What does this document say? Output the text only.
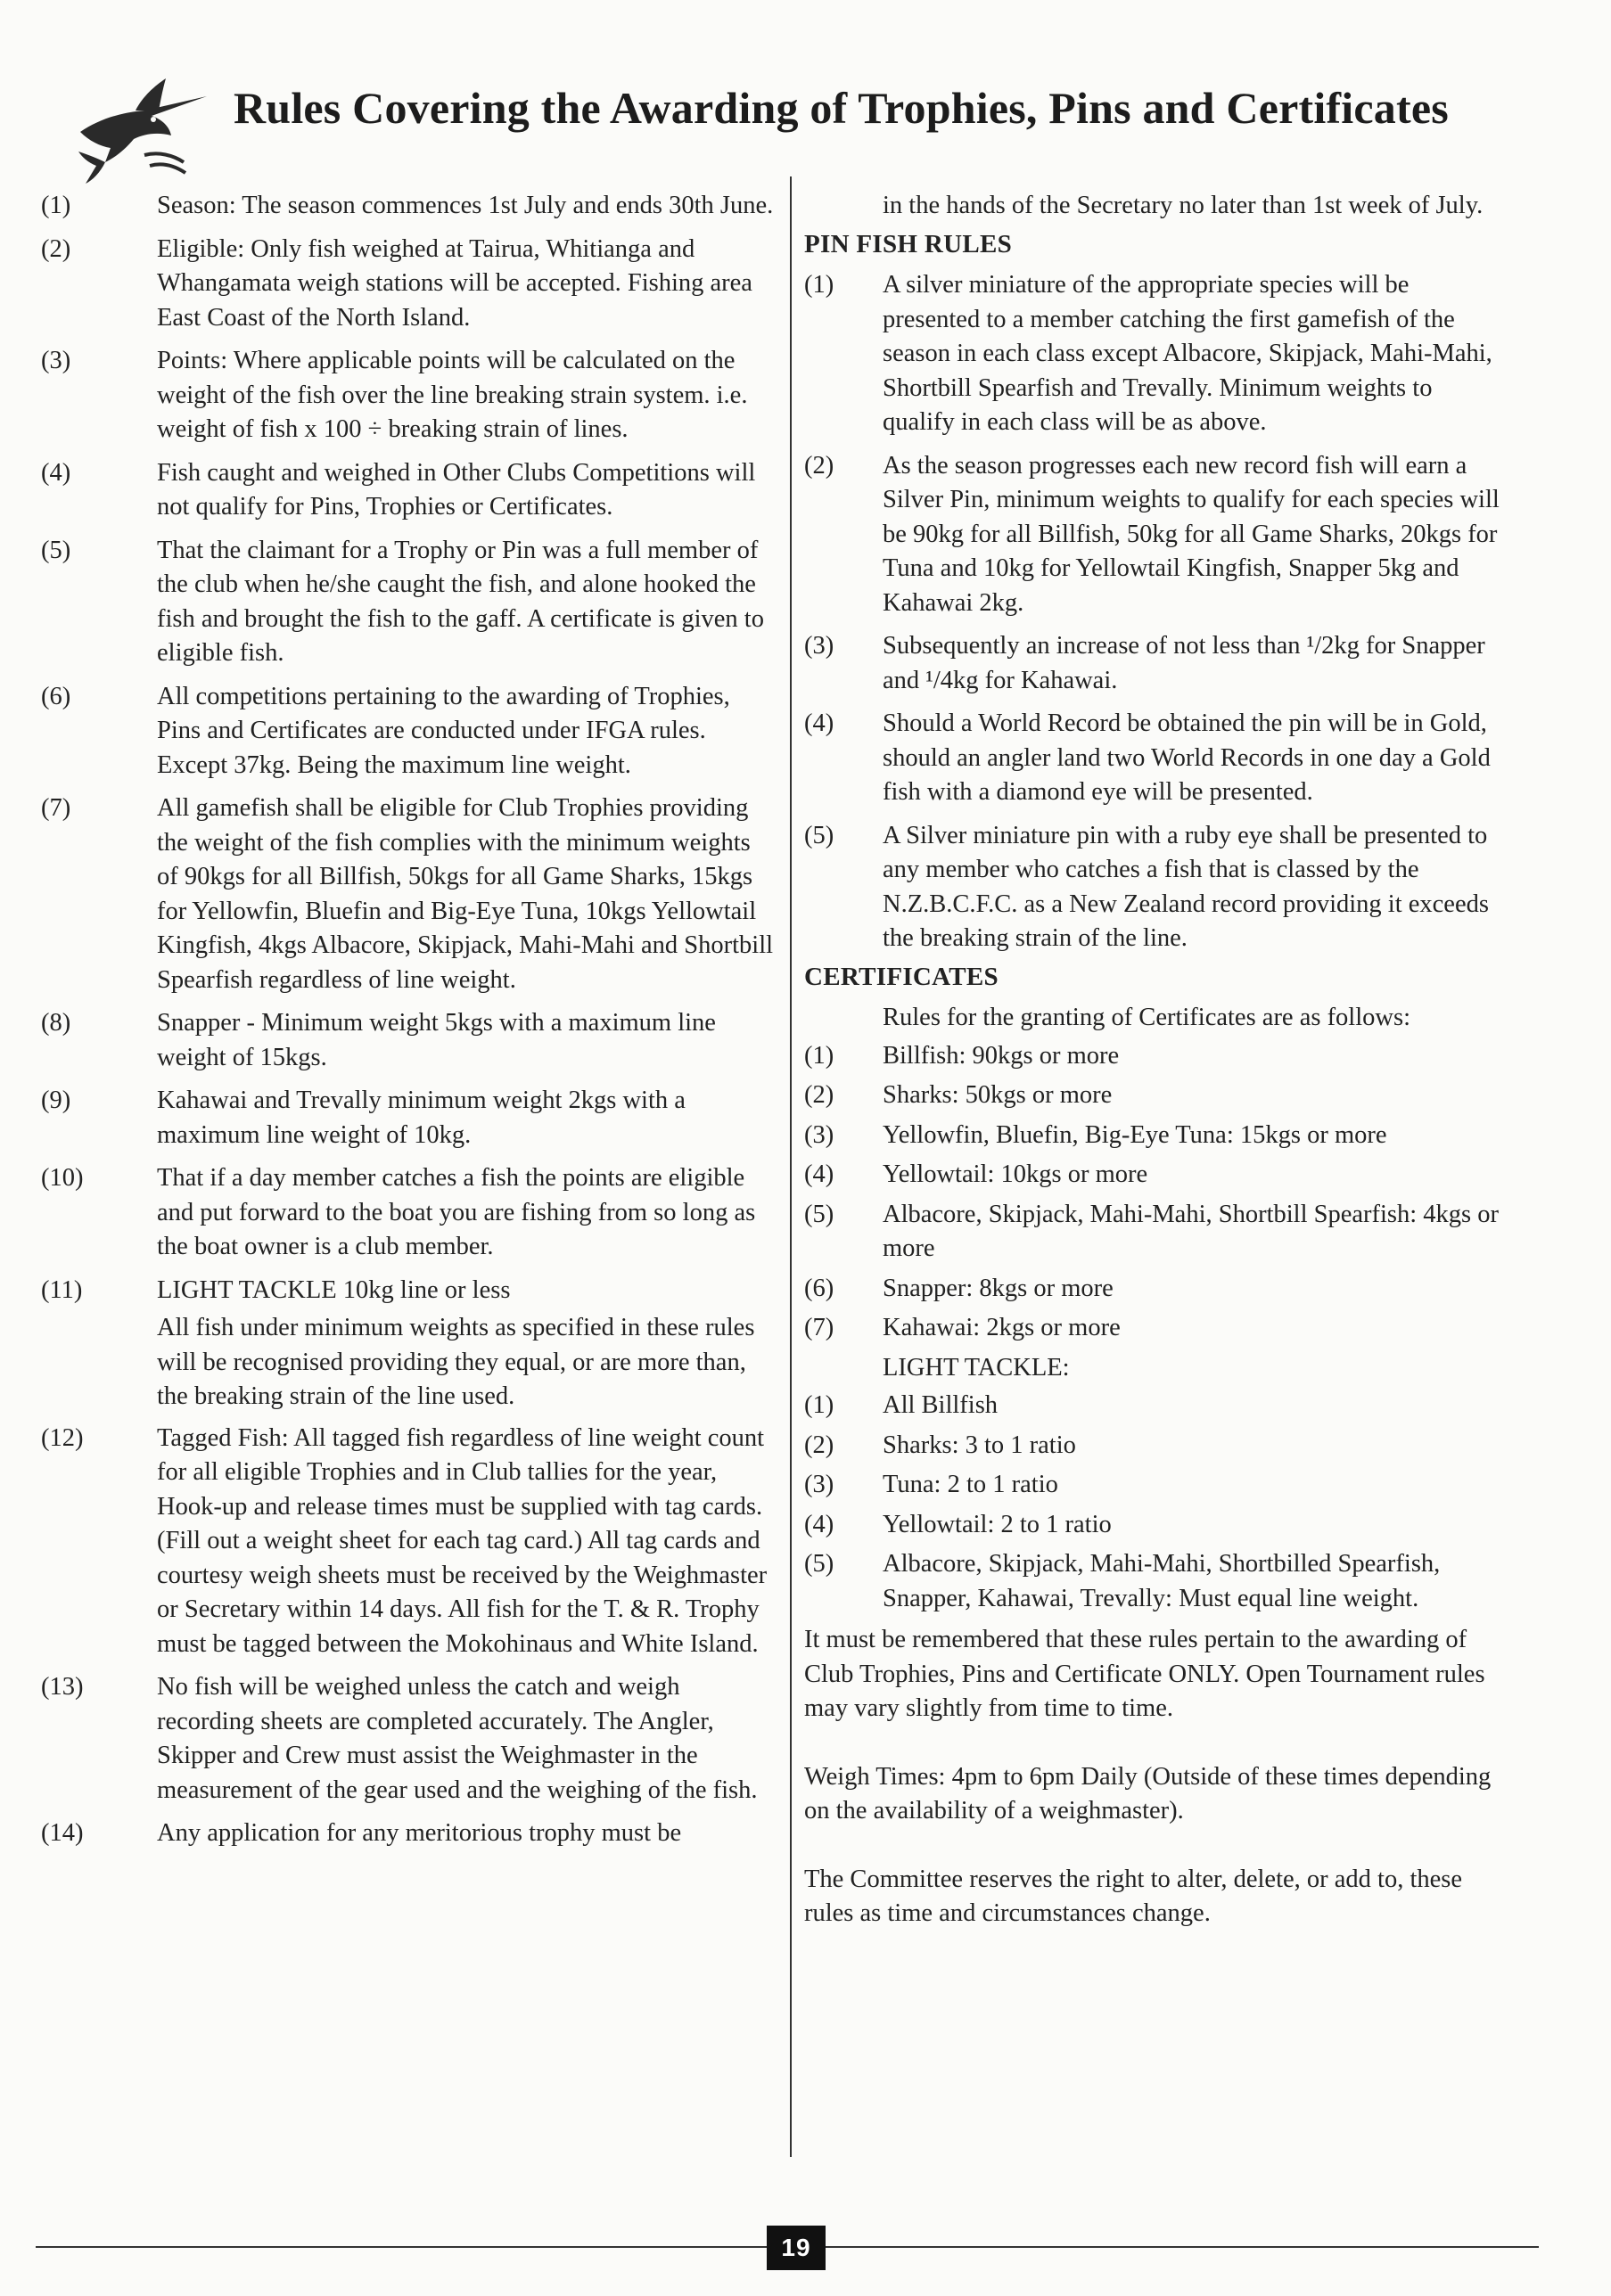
Rules Covering the Awarding of Trophies, Pins and Certificates
(1)	Season: The season commences 1st July and ends 30th June.
(2)	Eligible: Only fish weighed at Tairua, Whitianga and Whangamata weigh stations will be accepted. Fishing area East Coast of the North Island.
(3)	Points: Where applicable points will be calculated on the weight of the fish over the line breaking strain system. i.e. weight of fish x 100 ÷ breaking strain of lines.
(4)	Fish caught and weighed in Other Clubs Competitions will not qualify for Pins, Trophies or Certificates.
(5)	That the claimant for a Trophy or Pin was a full member of the club when he/she caught the fish, and alone hooked the fish and brought the fish to the gaff. A certificate is given to eligible fish.
(6)	All competitions pertaining to the awarding of Trophies, Pins and Certificates are conducted under IFGA rules. Except 37kg. Being the maximum line weight.
(7)	All gamefish shall be eligible for Club Trophies providing the weight of the fish complies with the minimum weights of 90kgs for all Billfish, 50kgs for all Game Sharks, 15kgs for Yellowfin, Bluefin and Big-Eye Tuna, 10kgs Yellowtail Kingfish, 4kgs Albacore, Skipjack, Mahi-Mahi and Shortbill Spearfish regardless of line weight.
(8)	Snapper - Minimum weight 5kgs with a maximum line weight of 15kgs.
(9)	Kahawai and Trevally minimum weight 2kgs with a maximum line weight of 10kg.
(10)	That if a day member catches a fish the points are eligible and put forward to the boat you are fishing from so long as the boat owner is a club member.
(11)	LIGHT TACKLE 10kg line or less
All fish under minimum weights as specified in these rules will be recognised providing they equal, or are more than, the breaking strain of the line used.
(12)	Tagged Fish: All tagged fish regardless of line weight count for all eligible Trophies and in Club tallies for the year, Hook-up and release times must be supplied with tag cards. (Fill out a weight sheet for each tag card.) All tag cards and courtesy weigh sheets must be received by the Weighmaster or Secretary within 14 days. All fish for the T. & R. Trophy must be tagged between the Mokohinaus and White Island.
(13)	No fish will be weighed unless the catch and weigh recording sheets are completed accurately. The Angler, Skipper and Crew must assist the Weighmaster in the measurement of the gear used and the weighing of the fish.
(14)	Any application for any meritorious trophy must be
in the hands of the Secretary no later than 1st week of July.
PIN FISH RULES
(1)	A silver miniature of the appropriate species will be presented to a member catching the first gamefish of the season in each class except Albacore, Skipjack, Mahi-Mahi, Shortbill Spearfish and Trevally. Minimum weights to qualify in each class will be as above.
(2)	As the season progresses each new record fish will earn a Silver Pin, minimum weights to qualify for each species will be 90kg for all Billfish, 50kg for all Game Sharks, 20kgs for Tuna and 10kg for Yellowtail Kingfish, Snapper 5kg and Kahawai 2kg.
(3)	Subsequently an increase of not less than ¹/2kg for Snapper and ¹/4kg for Kahawai.
(4)	Should a World Record be obtained the pin will be in Gold, should an angler land two World Records in one day a Gold fish with a diamond eye will be presented.
(5)	A Silver miniature pin with a ruby eye shall be presented to any member who catches a fish that is classed by the N.Z.B.C.F.C. as a New Zealand record providing it exceeds the breaking strain of the line.
CERTIFICATES
Rules for the granting of Certificates are as follows:
(1)	Billfish: 90kgs or more
(2)	Sharks: 50kgs or more
(3)	Yellowfin, Bluefin, Big-Eye Tuna: 15kgs or more
(4)	Yellowtail: 10kgs or more
(5)	Albacore, Skipjack, Mahi-Mahi, Shortbill Spearfish: 4kgs or more
(6)	Snapper: 8kgs or more
(7)	Kahawai: 2kgs or more
LIGHT TACKLE:
(1)	All Billfish
(2)	Sharks: 3 to 1 ratio
(3)	Tuna: 2 to 1 ratio
(4)	Yellowtail: 2 to 1 ratio
(5)	Albacore, Skipjack, Mahi-Mahi, Shortbilled Spearfish, Snapper, Kahawai, Trevally: Must equal line weight.
It must be remembered that these rules pertain to the awarding of Club Trophies, Pins and Certificate ONLY. Open Tournament rules may vary slightly from time to time.
Weigh Times: 4pm to 6pm Daily (Outside of these times depending on the availability of a weighmaster).
The Committee reserves the right to alter, delete, or add to, these rules as time and circumstances change.
19
